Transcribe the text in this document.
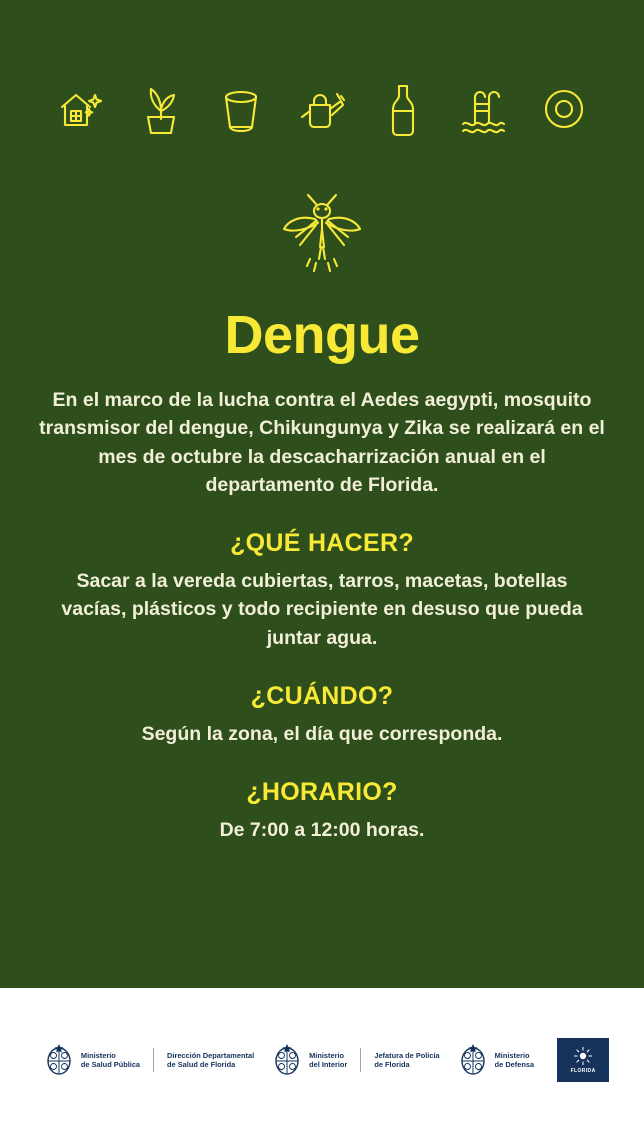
Dengue
En el marco de la lucha contra el Aedes aegypti, mosquito transmisor del dengue, Chikungunya y Zika se realizará en el mes de octubre la descacharrización anual en el departamento de Florida.
¿QUÉ HACER?
Sacar a la vereda cubiertas, tarros, macetas, botellas vacías, plásticos y todo recipiente en desuso que pueda juntar agua.
¿CUÁNDO?
Según la zona, el día que corresponda.
¿HORARIO?
De 7:00 a 12:00 horas.
Ministerio
de Salud Pública
Dirección Departamental
de Salud de Florida
Ministerio
del Interior
Jefatura de Policía
de Florida
Ministerio
de Defensa
FLORIDA
